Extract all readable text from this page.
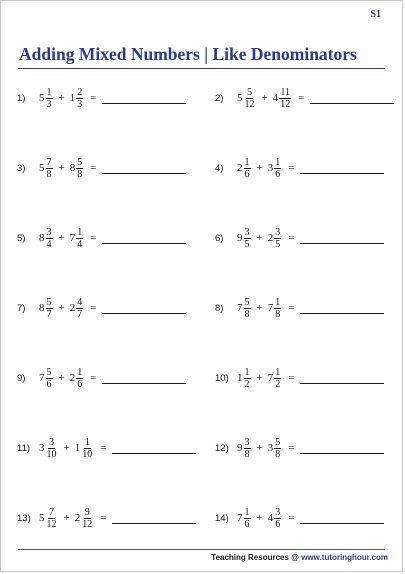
S1
Adding Mixed Numbers | Like Denominators
1)	$5 \frac{1}{3} + 1 \frac{2}{3}$ =	2)	$5 \frac{5}{12} + 4 \frac{11}{12}$ =
3)	$5 \frac{7}{8} + 8 \frac{5}{8}$ =	4)	$2 \frac{1}{6} + 3 \frac{1}{6}$ =
5)	$8 \frac{3}{4} + 7 \frac{1}{4}$ =	6)	$9 \frac{3}{5} + 2 \frac{3}{5}$ =
7)	$8 \frac{5}{7} + 2 \frac{4}{7}$ =	8)	$7 \frac{5}{8} + 7 \frac{1}{8}$ =
9)	$7 \frac{5}{6} + 2 \frac{1}{6}$ =	10) $1 \frac{1}{2} + 7 \frac{1}{2}$ =
11) $3 \frac{3}{10} + 1 \frac{1}{10}$ =	12) $9 \frac{3}{8} + 3 \frac{5}{8}$ =
13) $5 \frac{7}{12} + 2 \frac{9}{12}$ =	14) $7 \frac{1}{6} + 4 \frac{3}{6}$ =
Teaching Resources @ www.tutoringhour.com
